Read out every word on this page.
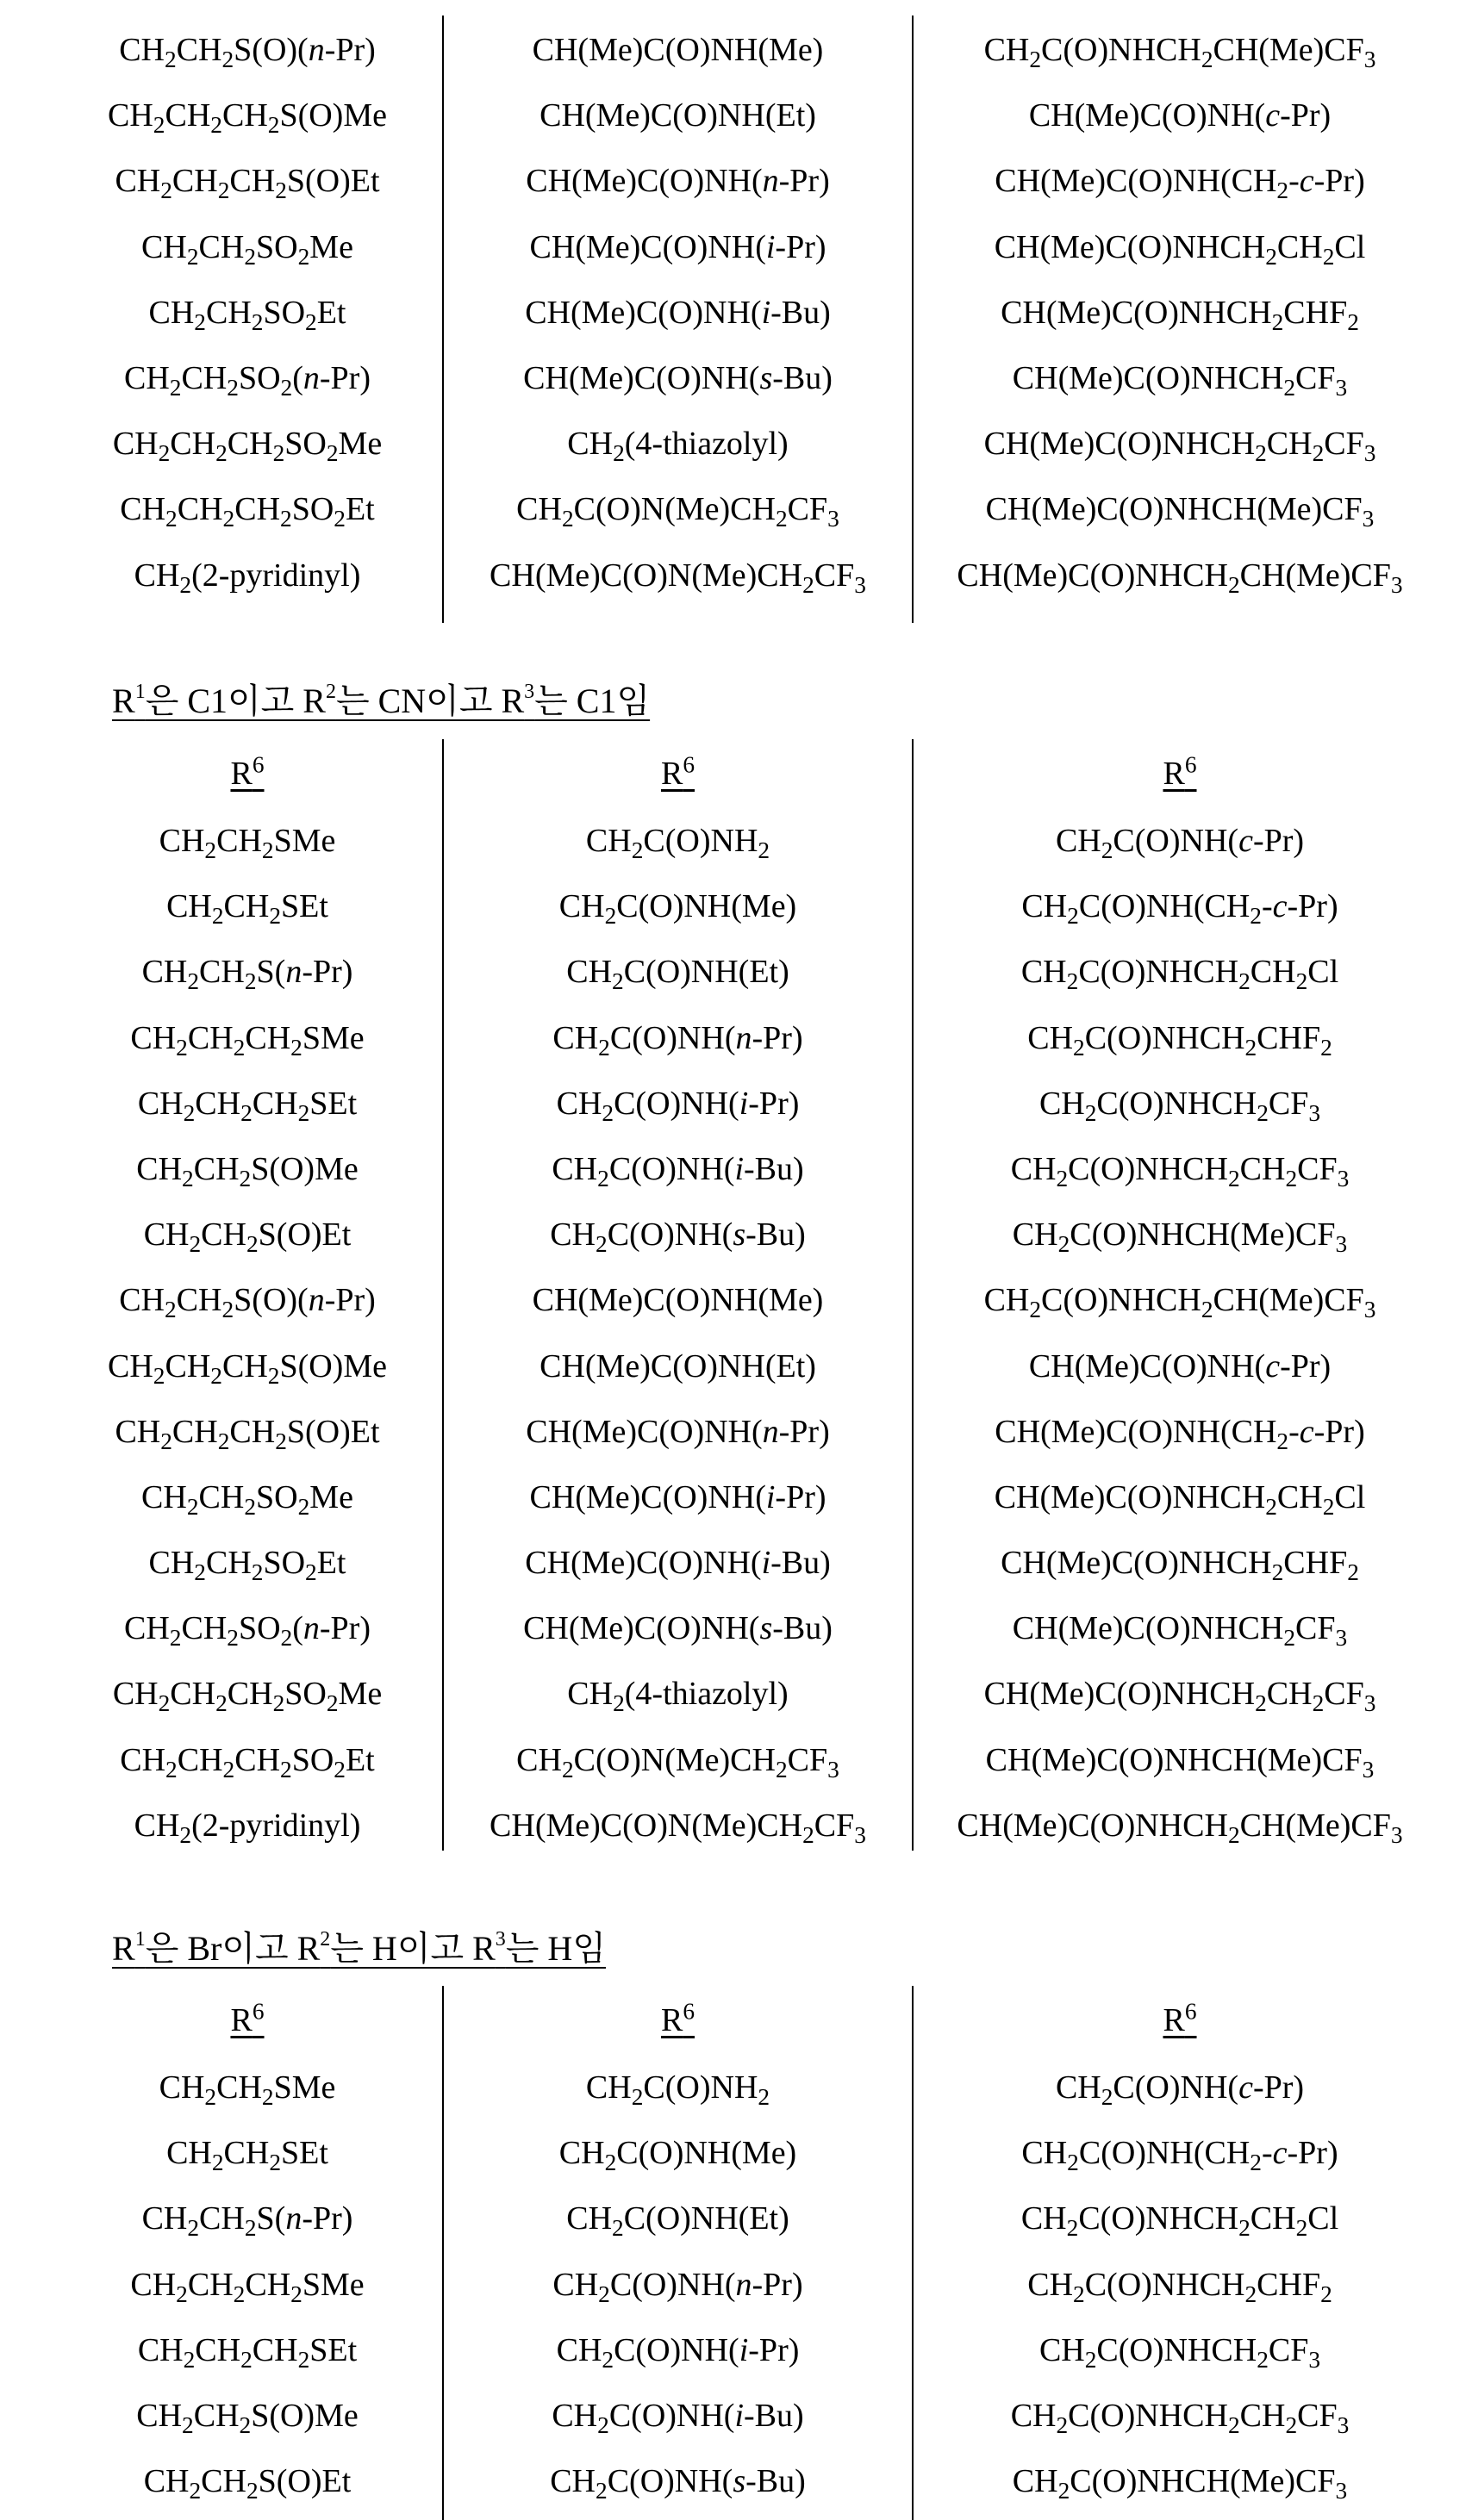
CH2CH2S(O)(n-Pr)
CH2CH2CH2S(O)Me
CH2CH2CH2S(O)Et
CH2CH2SO2Me
CH2CH2SO2Et
CH2CH2SO2(n-Pr)
CH2CH2CH2SO2Me
CH2CH2CH2SO2Et
CH2(2-pyridinyl)
CH(Me)C(O)NH(Me)
CH(Me)C(O)NH(Et)
CH(Me)C(O)NH(n-Pr)
CH(Me)C(O)NH(i-Pr)
CH(Me)C(O)NH(i-Bu)
CH(Me)C(O)NH(s-Bu)
CH2(4-thiazolyl)
CH2C(O)N(Me)CH2CF3
CH(Me)C(O)N(Me)CH2CF3
CH2C(O)NHCH2CH(Me)CF3
CH(Me)C(O)NH(c-Pr)
CH(Me)C(O)NH(CH2-c-Pr)
CH(Me)C(O)NHCH2CH2Cl
CH(Me)C(O)NHCH2CHF2
CH(Me)C(O)NHCH2CF3
CH(Me)C(O)NHCH2CH2CF3
CH(Me)C(O)NHCH(Me)CF3
CH(Me)C(O)NHCH2CH(Me)CF3
R1은 C1이고 R2는 CN이고 R3는 C1임
R6
CH2CH2SMe
CH2CH2SEt
CH2CH2S(n-Pr)
CH2CH2CH2SMe
CH2CH2CH2SEt
CH2CH2S(O)Me
CH2CH2S(O)Et
CH2CH2S(O)(n-Pr)
CH2CH2CH2S(O)Me
CH2CH2CH2S(O)Et
CH2CH2SO2Me
CH2CH2SO2Et
CH2CH2SO2(n-Pr)
CH2CH2CH2SO2Me
CH2CH2CH2SO2Et
CH2(2-pyridinyl)
R6
CH2C(O)NH2
CH2C(O)NH(Me)
CH2C(O)NH(Et)
CH2C(O)NH(n-Pr)
CH2C(O)NH(i-Pr)
CH2C(O)NH(i-Bu)
CH2C(O)NH(s-Bu)
CH(Me)C(O)NH(Me)
CH(Me)C(O)NH(Et)
CH(Me)C(O)NH(n-Pr)
CH(Me)C(O)NH(i-Pr)
CH(Me)C(O)NH(i-Bu)
CH(Me)C(O)NH(s-Bu)
CH2(4-thiazolyl)
CH2C(O)N(Me)CH2CF3
CH(Me)C(O)N(Me)CH2CF3
R6
CH2C(O)NH(c-Pr)
CH2C(O)NH(CH2-c-Pr)
CH2C(O)NHCH2CH2Cl
CH2C(O)NHCH2CHF2
CH2C(O)NHCH2CF3
CH2C(O)NHCH2CH2CF3
CH2C(O)NHCH(Me)CF3
CH2C(O)NHCH2CH(Me)CF3
CH(Me)C(O)NH(c-Pr)
CH(Me)C(O)NH(CH2-c-Pr)
CH(Me)C(O)NHCH2CH2Cl
CH(Me)C(O)NHCH2CHF2
CH(Me)C(O)NHCH2CF3
CH(Me)C(O)NHCH2CH2CF3
CH(Me)C(O)NHCH(Me)CF3
CH(Me)C(O)NHCH2CH(Me)CF3
R1은 Br이고 R2는 H이고 R3는 H임
R6
CH2CH2SMe
CH2CH2SEt
CH2CH2S(n-Pr)
CH2CH2CH2SMe
CH2CH2CH2SEt
CH2CH2S(O)Me
CH2CH2S(O)Et
R6
CH2C(O)NH2
CH2C(O)NH(Me)
CH2C(O)NH(Et)
CH2C(O)NH(n-Pr)
CH2C(O)NH(i-Pr)
CH2C(O)NH(i-Bu)
CH2C(O)NH(s-Bu)
R6
CH2C(O)NH(c-Pr)
CH2C(O)NH(CH2-c-Pr)
CH2C(O)NHCH2CH2Cl
CH2C(O)NHCH2CHF2
CH2C(O)NHCH2CF3
CH2C(O)NHCH2CH2CF3
CH2C(O)NHCH(Me)CF3
